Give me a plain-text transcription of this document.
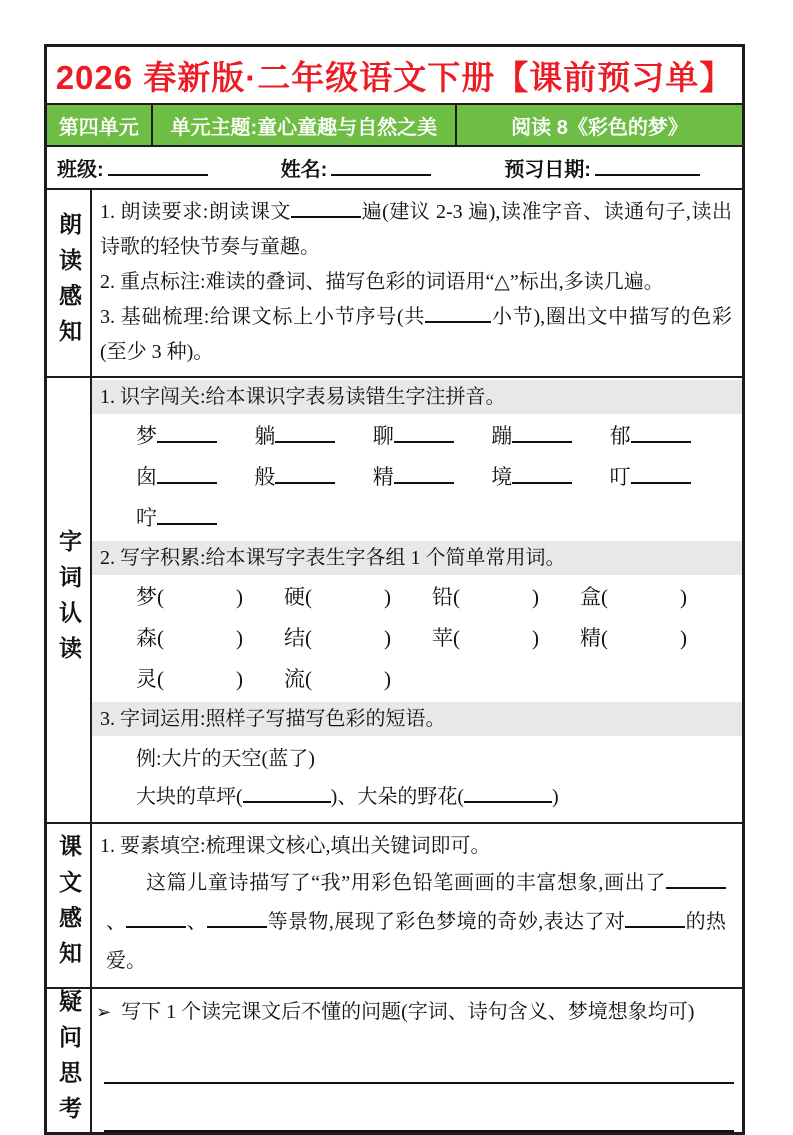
2026 春新版·二年级语文下册【课前预习单】
第四单元	单元主题:童心童趣与自然之美	阅读 8《彩色的梦》
班级:	姓名:	预习日期:
朗读感知 1. 朗读要求:朗读课文	遍(建议 2-3 遍),读准字音、读通句子,读出诗歌的轻快节奏与童趣。

2. 重点标注:难读的叠词、描写色彩的词语用“△”标出,多读几遍。

3. 基础梳理:给课文标上小节序号(共	小节),圈出文中描写的色彩(至少 3 种)。

字词认读
1. 识字闯关:给本课识字表易读错生字注拼音。
梦	躺	聊	蹦	郁
囱	般	精	境	叮
咛
2. 写字积累:给本课写字表生字各组 1 个简单常用词。
梦(	)	硬(	)	铅(	)	盒(	)
森(	)	结(	)	苹(	)	精(	)
灵(	)	流(	)
3. 字词运用:照样子写描写色彩的短语。
例:大片的天空(蓝了)
大块的草坪(	)、大朵的野花(	)
课文感知 1. 要素填空:梳理课文核心,填出关键词即可。

这篇儿童诗描写了“我”用彩色铅笔画画的丰富想象,画出了、	、	等景物,展现了彩色梦境的奇妙,表达了对	的热爱。

疑问思考 ➢ 写下 1 个读完课文后不懂的问题(字词、诗句含义、梦境想象均可)
